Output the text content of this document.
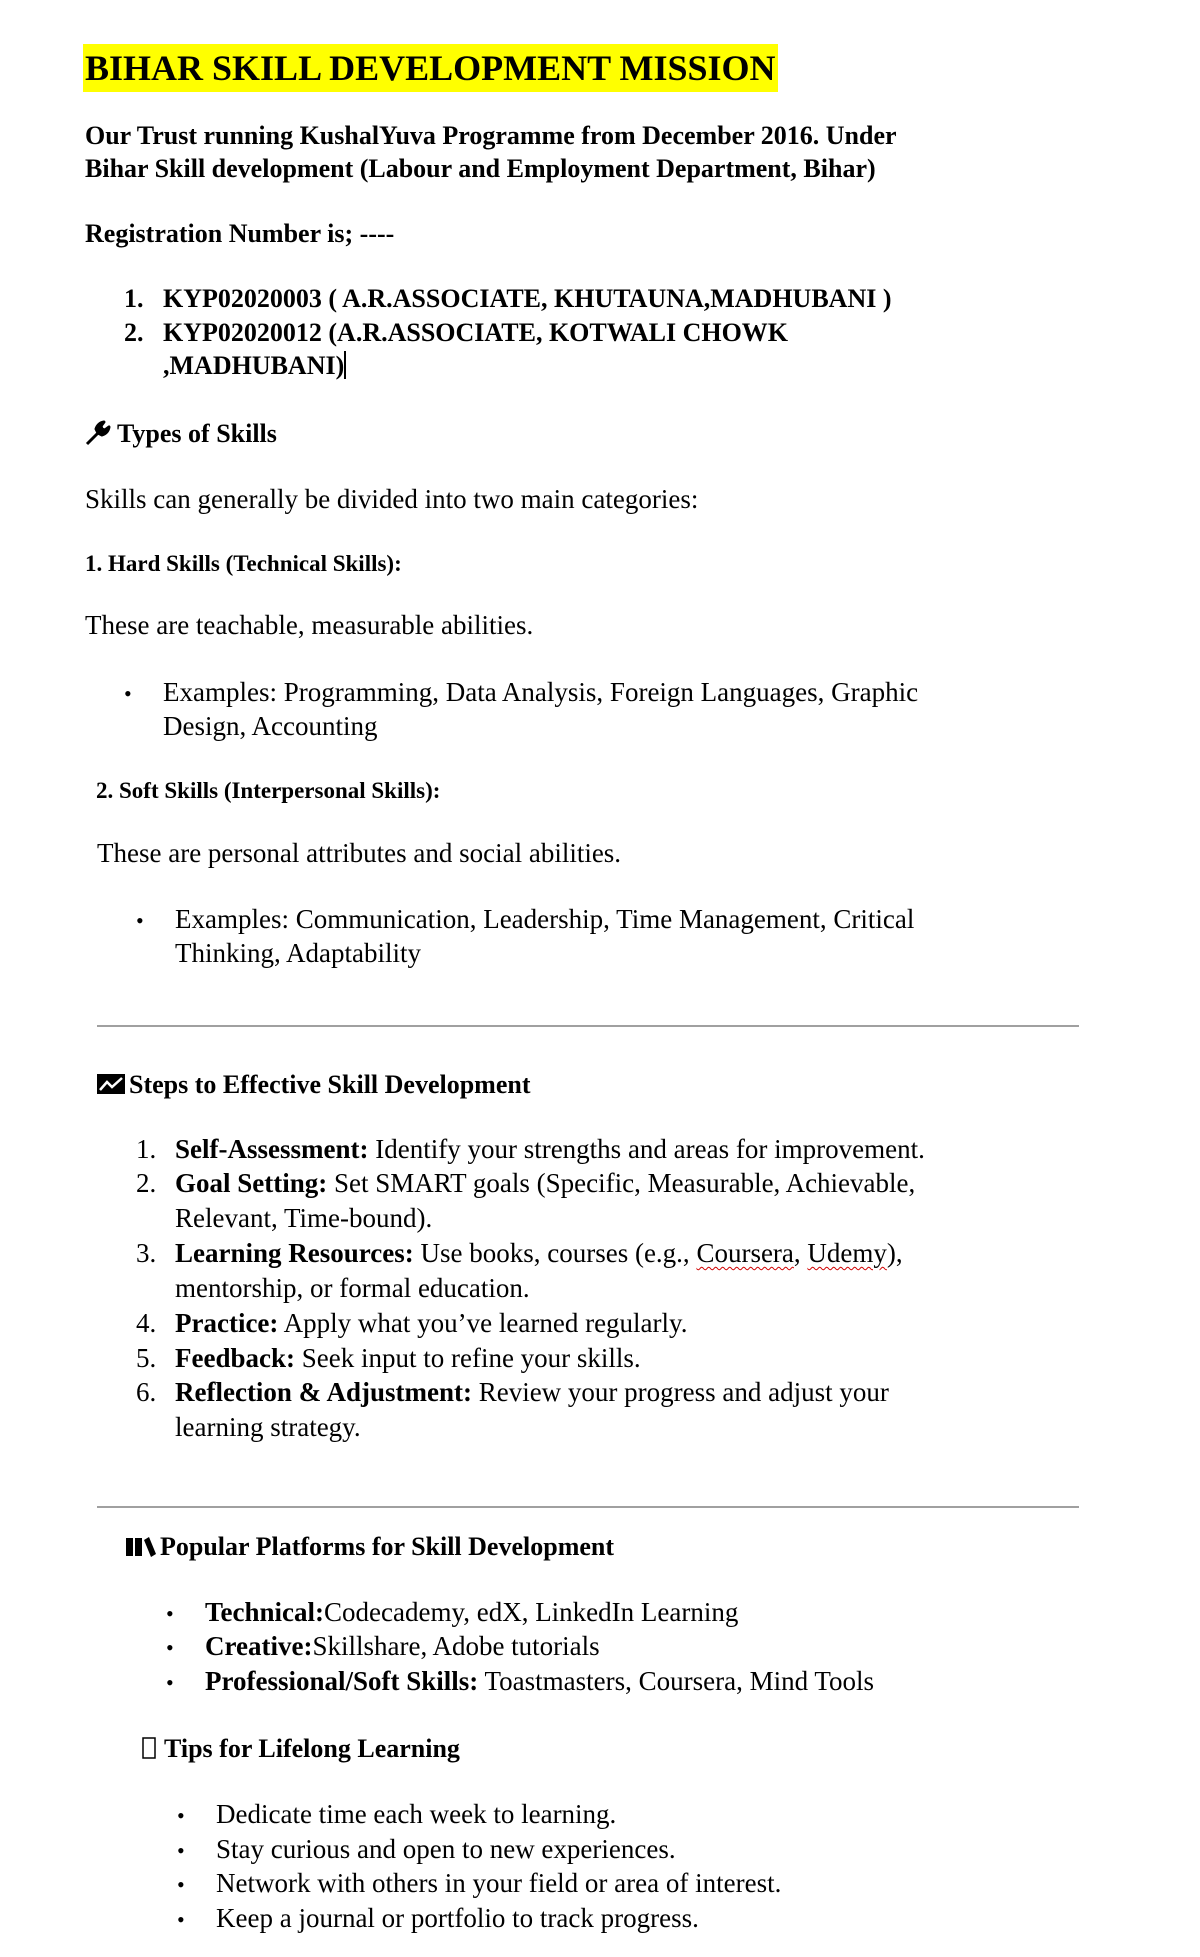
BIHAR SKILL DEVELOPMENT MISSION
Our Trust running KushalYuva Programme from December 2016. Under
Bihar Skill development (Labour and Employment Department, Bihar)
Registration Number is; ----
1. KYP02020003 ( A.R.ASSOCIATE, KHUTAUNA,MADHUBANI )
2. KYP02020012 (A.R.ASSOCIATE, KOTWALI CHOWK
,MADHUBANI)
Types of Skills
Skills can generally be divided into two main categories:
1. Hard Skills (Technical Skills):
These are teachable, measurable abilities.
• Examples: Programming, Data Analysis, Foreign Languages, Graphic
Design, Accounting
2. Soft Skills (Interpersonal Skills):
These are personal attributes and social abilities.
• Examples: Communication, Leadership, Time Management, Critical
Thinking, Adaptability
Steps to Effective Skill Development
1. Self-Assessment: Identify your strengths and areas for improvement.
2. Goal Setting: Set SMART goals (Specific, Measurable, Achievable,
Relevant, Time-bound).
3. Learning Resources: Use books, courses (e.g., Coursera, Udemy),
mentorship, or formal education.
4. Practice: Apply what you’ve learned regularly.
5. Feedback: Seek input to refine your skills.
6. Reflection & Adjustment: Review your progress and adjust your
learning strategy.
Popular Platforms for Skill Development
• Technical:Codecademy, edX, LinkedIn Learning
• Creative:Skillshare, Adobe tutorials
• Professional/Soft Skills: Toastmasters, Coursera, Mind Tools
Tips for Lifelong Learning
• Dedicate time each week to learning.
• Stay curious and open to new experiences.
• Network with others in your field or area of interest.
• Keep a journal or portfolio to track progress.
